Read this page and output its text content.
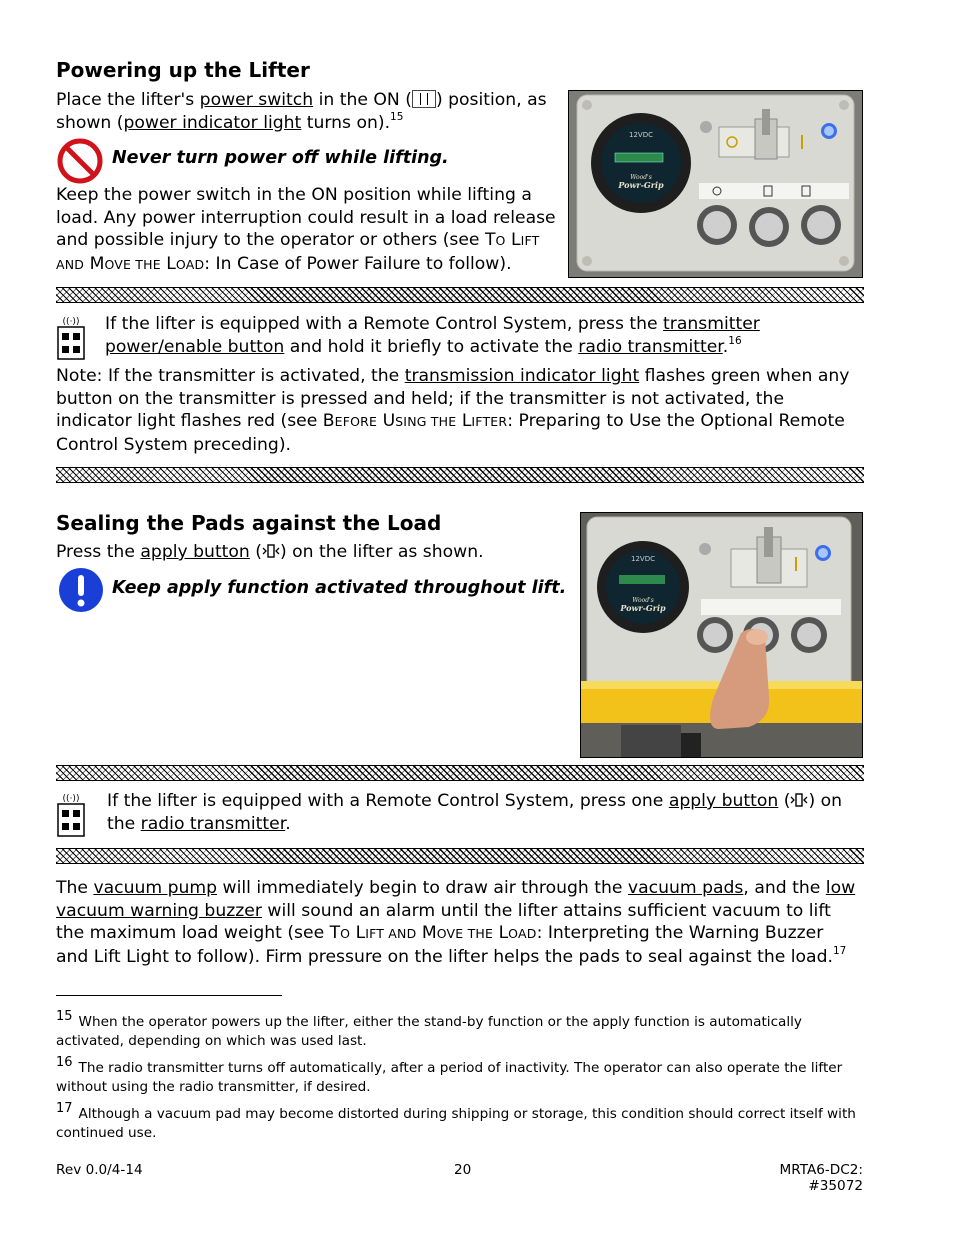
Powering up the Lifter
Place the lifter's power switch in the ON ( ) position, as shown (power indicator light turns on).$^{15}$
Never turn power off while lifting.
Keep the power switch in the ON position while lifting a load. Any power interruption could result in a load release and possible injury to the operator or others (see TO LIFT AND MOVE THE LOAD: In Case of Power Failure to follow).
12VDC
Wood's
Powr-Grip
((·)) If the lifter is equipped with a Remote Control System, press the transmitter power/enable button and hold it briefly to activate the radio transmitter.$^{16}$
Note: If the transmitter is activated, the transmission indicator light flashes green when any button on the transmitter is pressed and held; if the transmitter is not activated, the indicator light flashes red (see BEFORE USING THE LIFTER: Preparing to Use the Optional Remote Control System preceding).
Sealing the Pads against the Load
Press the apply button ( ) on the lifter as shown.
Keep apply function activated throughout lift.
12VDC
Wood's
Powr-Grip
((·)) If the lifter is equipped with a Remote Control System, press one apply button ( ) on the radio transmitter.
The vacuum pump will immediately begin to draw air through the vacuum pads, and the low vacuum warning buzzer will sound an alarm until the lifter attains sufficient vacuum to lift the maximum load weight (see TO LIFT AND MOVE THE LOAD: Interpreting the Warning Buzzer and Lift Light to follow). Firm pressure on the lifter helps the pads to seal against the load.$^{17}$
15 When the operator powers up the lifter, either the stand-by function or the apply function is automatically activated, depending on which was used last.
16 The radio transmitter turns off automatically, after a period of inactivity. The operator can also operate the lifter without using the radio transmitter, if desired.
17 Although a vacuum pad may become distorted during shipping or storage, this condition should correct itself with continued use.
Rev 0.0/4-14	20	MRTA6-DC2: #35072
